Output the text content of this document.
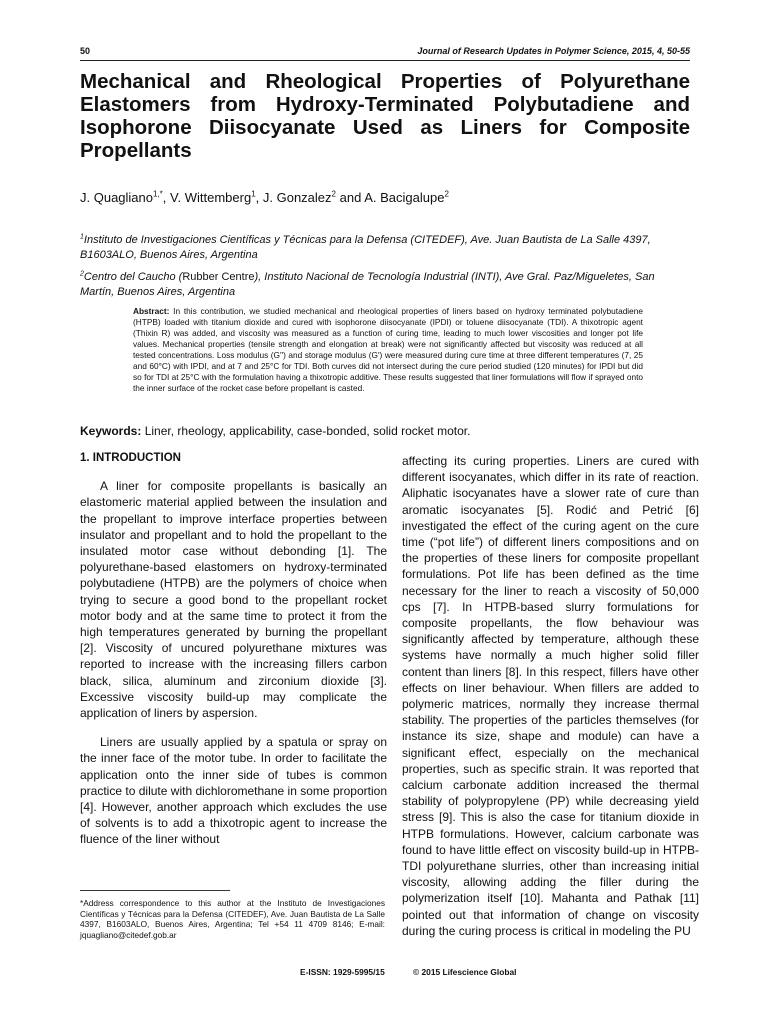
50	Journal of Research Updates in Polymer Science, 2015, 4, 50-55
Mechanical and Rheological Properties of Polyurethane Elastomers from Hydroxy-Terminated Polybutadiene and Isophorone Diisocyanate Used as Liners for Composite Propellants
J. Quagliano$^{1,*}$, V. Wittemberg$^1$, J. Gonzalez$^2$ and A. Bacigalupe$^2$
$^1$Instituto de Investigaciones Científicas y Técnicas para la Defensa (CITEDEF), Ave. Juan Bautista de La Salle 4397, B1603ALO, Buenos Aires, Argentina
$^2$Centro del Caucho (Rubber Centre), Instituto Nacional de Tecnología Industrial (INTI), Ave Gral. Paz/Migueletes, San Martín, Buenos Aires, Argentina
Abstract: In this contribution, we studied mechanical and rheological properties of liners based on hydroxy terminated polybutadiene (HTPB) loaded with titanium dioxide and cured with isophorone diisocyanate (IPDI) or toluene diisocyanate (TDI). A thixotropic agent (Thixin R) was added, and viscosity was measured as a function of curing time, leading to much lower viscosities and longer pot life values. Mechanical properties (tensile strength and elongation at break) were not significantly affected but viscosity was reduced at all tested concentrations. Loss modulus (G'') and storage modulus (G') were measured during cure time at three different temperatures (7, 25 and 60°C) with IPDI, and at 7 and 25°C for TDI. Both curves did not intersect during the cure period studied (120 minutes) for IPDI but did so for TDI at 25°C with the formulation having a thixotropic additive. These results suggested that liner formulations will flow if sprayed onto the inner surface of the rocket case before propellant is casted.
Keywords: Liner, rheology, applicability, case-bonded, solid rocket motor.
1. INTRODUCTION

A liner for composite propellants is basically an elastomeric material applied between the insulation and the propellant to improve interface properties between insulator and propellant and to hold the propellant to the insulated motor case without debonding [1]. The polyurethane-based elastomers on hydroxy-terminated polybutadiene (HTPB) are the polymers of choice when trying to secure a good bond to the propellant rocket motor body and at the same time to protect it from the high temperatures generated by burning the propellant [2]. Viscosity of uncured polyurethane mixtures was reported to increase with the increasing fillers carbon black, silica, aluminum and zirconium dioxide [3]. Excessive viscosity build-up may complicate the application of liners by aspersion.

Liners are usually applied by a spatula or spray on the inner face of the motor tube. In order to facilitate the application onto the inner side of tubes is common practice to dilute with dichloromethane in some proportion [4]. However, another approach which excludes the use of solvents is to add a thixotropic agent to increase the fluence of the liner without

affecting its curing properties. Liners are cured with different isocyanates, which differ in its rate of reaction. Aliphatic isocyanates have a slower rate of cure than aromatic isocyanates [5]. Rodić and Petrić [6] investigated the effect of the curing agent on the cure time (“pot life”) of different liners compositions and on the properties of these liners for composite propellant formulations. Pot life has been defined as the time necessary for the liner to reach a viscosity of 50,000 cps [7]. In HTPB-based slurry formulations for composite propellants, the flow behaviour was significantly affected by temperature, although these systems have normally a much higher solid filler content than liners [8]. In this respect, fillers have other effects on liner behaviour. When fillers are added to polymeric matrices, normally they increase thermal stability. The properties of the particles themselves (for instance its size, shape and module) can have a significant effect, especially on the mechanical properties, such as specific strain. It was reported that calcium carbonate addition increased the thermal stability of polypropylene (PP) while decreasing yield stress [9]. This is also the case for titanium dioxide in HTPB formulations. However, calcium carbonate was found to have little effect on viscosity build-up in HTPB-TDI polyurethane slurries, other than increasing initial viscosity, allowing adding the filler during the polymerization itself [10]. Mahanta and Pathak [11] pointed out that information of change on viscosity during the curing process is critical in modeling the PU

*Address correspondence to this author at the Instituto de Investigaciones Científicas y Técnicas para la Defensa (CITEDEF), Ave. Juan Bautista de La Salle 4397, B1603ALO, Buenos Aires, Argentina; Tel +54 11 4709 8146; E-mail: jquagliano@citedef.gob.ar
E-ISSN: 1929-5995/15	© 2015 Lifescience Global
